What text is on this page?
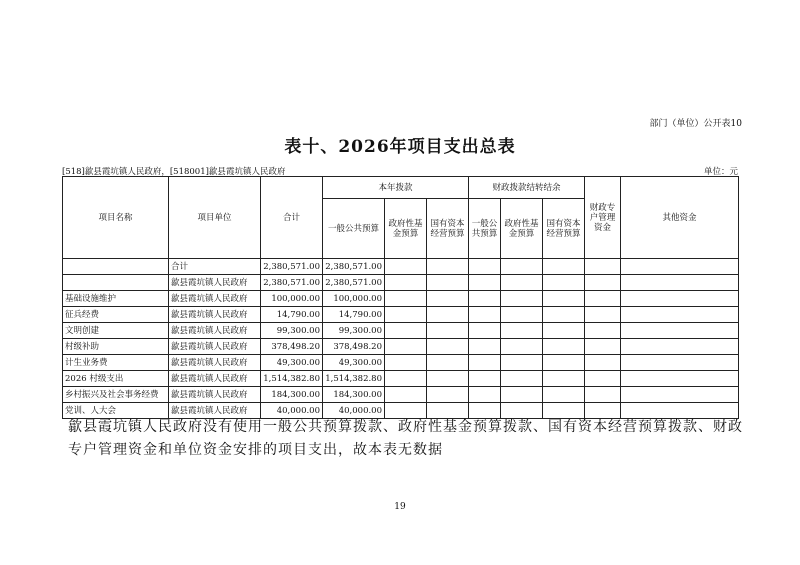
部门（单位）公开表10
表十、2026年项目支出总表
[518]歙县霞坑镇人民政府，[518001]歙县霞坑镇人民政府	单位：元
项目名称	项目单位	合计	本年拨款			财政拨款结转结余			财政专户管理资金	其他资金
			一般公共预算	政府性基金预算	国有资本经营预算	一般公共预算	政府性基金预算	国有资本经营预算		
	合计	2,380,571.00	2,380,571.00							
	歙县霞坑镇人民政府	2,380,571.00	2,380,571.00							
基础设施维护	歙县霞坑镇人民政府	100,000.00	100,000.00							
征兵经费	歙县霞坑镇人民政府	14,790.00	14,790.00							
文明创建	歙县霞坑镇人民政府	99,300.00	99,300.00							
村级补助	歙县霞坑镇人民政府	378,498.20	378,498.20							
计生业务费	歙县霞坑镇人民政府	49,300.00	49,300.00							
2026 村级支出	歙县霞坑镇人民政府	1,514,382.80	1,514,382.80							
乡村振兴及社会事务经费	歙县霞坑镇人民政府	184,300.00	184,300.00							
党训、人大会	歙县霞坑镇人民政府	40,000.00	40,000.00							
歙县霞坑镇人民政府没有使用一般公共预算拨款、政府性基金预算拨款、国有资本经营预算拨款、财政专户管理资金和单位资金安排的项目支出，故本表无数据
19
